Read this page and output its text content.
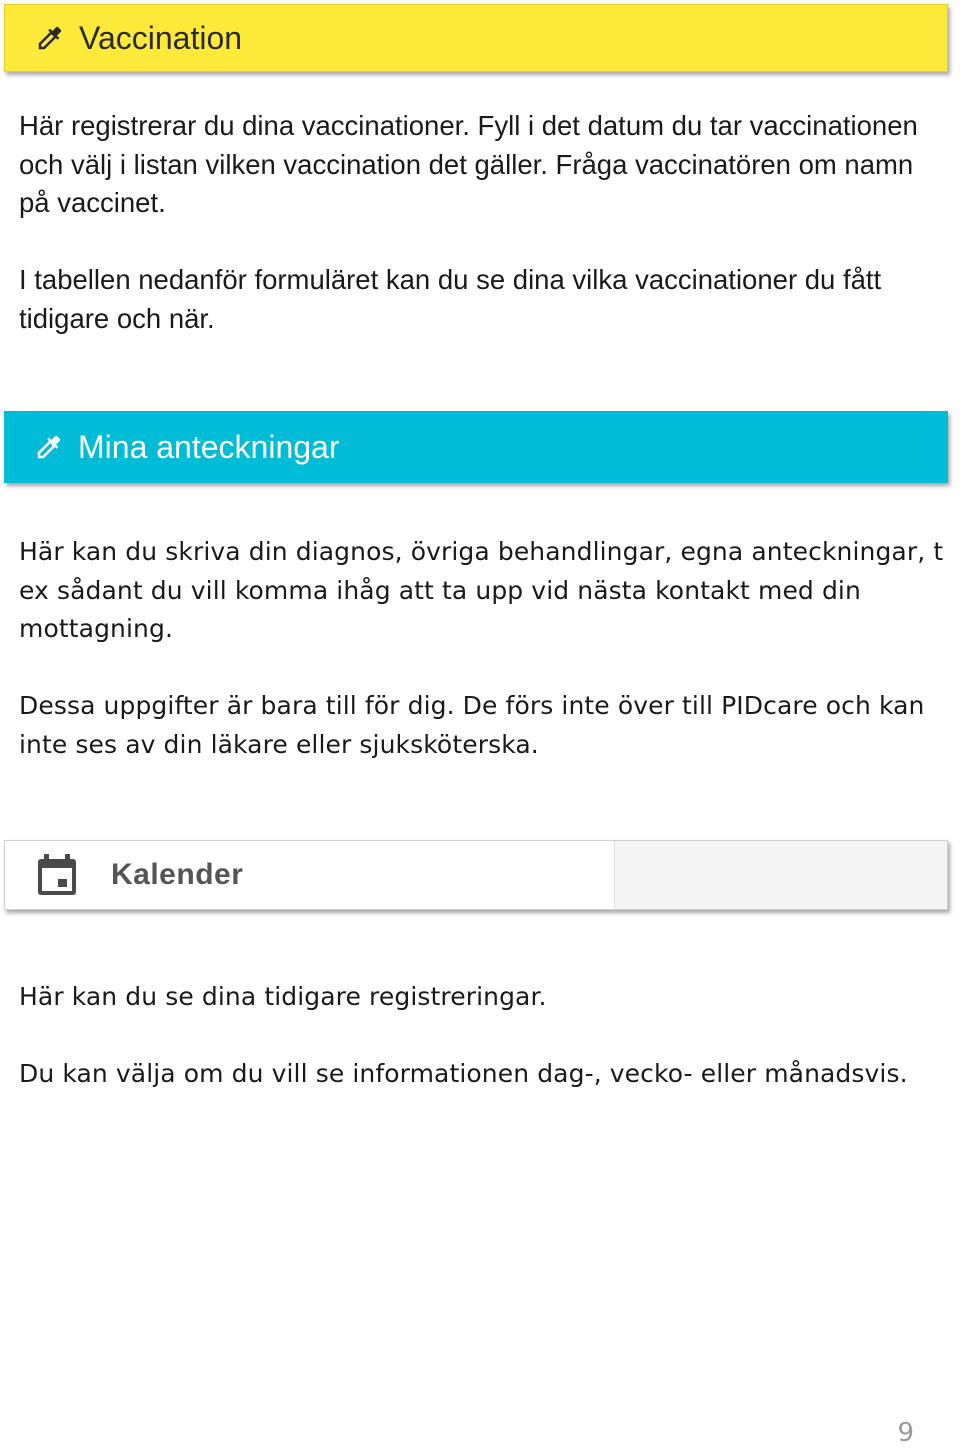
Vaccination

Här registrerar du dina vaccinationer. Fyll i det datum du tar vaccinationen och välj i listan vilken vaccination det gäller. Fråga vaccinatören om namn på vaccinet.

I tabellen nedanför formuläret kan du se dina vilka vaccinationer du fått tidigare och när.

Mina anteckningar

Här kan du skriva din diagnos, övriga behandlingar, egna anteckningar, t ex sådant du vill komma ihåg att ta upp vid nästa kontakt med din mottagning.

Dessa uppgifter är bara till för dig. De förs inte över till PIDcare och kan inte ses av din läkare eller sjuksköterska.

Kalender

Här kan du se dina tidigare registreringar.

Du kan välja om du vill se informationen dag-, vecko- eller månadsvis.

9
